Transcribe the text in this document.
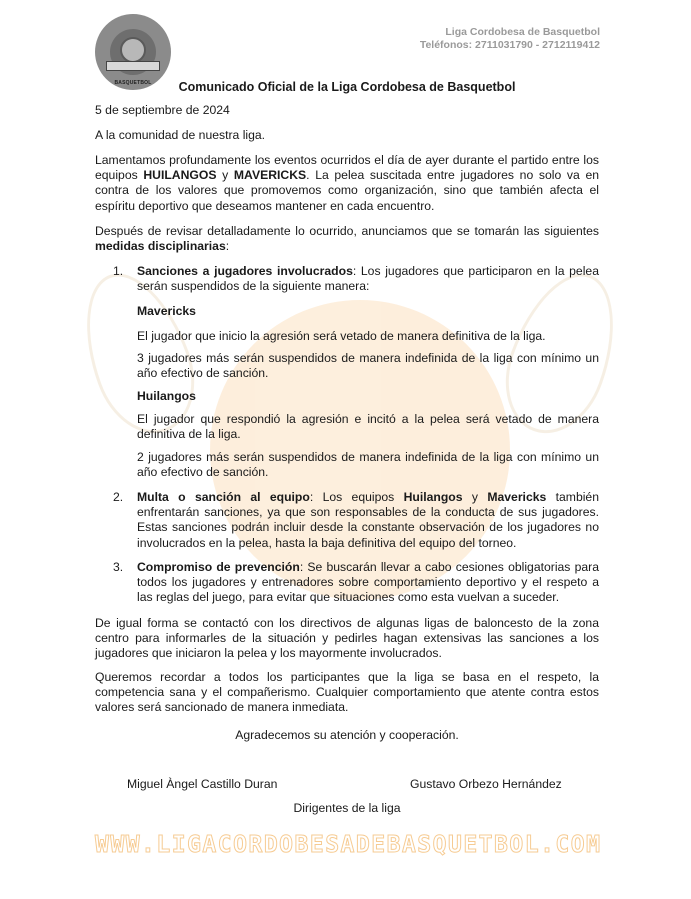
BASQUETBOL
Liga Cordobesa de Basquetbol
Teléfonos: 2711031790 - 2712119412
Comunicado Oficial de la Liga Cordobesa de Basquetbol

5 de septiembre de 2024

A la comunidad de nuestra liga.

Lamentamos profundamente los eventos ocurridos el día de ayer durante el partido entre los equipos HUILANGOS y MAVERICKS. La pelea suscitada entre jugadores no solo va en contra de los valores que promovemos como organización, sino que también afecta el espíritu deportivo que deseamos mantener en cada encuentro.

Después de revisar detalladamente lo ocurrido, anunciamos que se tomarán las siguientes medidas disciplinarias:

1. Sanciones a jugadores involucrados: Los jugadores que participaron en la pelea serán suspendidos de la siguiente manera:

Mavericks

El jugador que inicio la agresión será vetado de manera definitiva de la liga.

3 jugadores más serán suspendidos de manera indefinida de la liga con mínimo un año efectivo de sanción.

Huilangos

El jugador que respondió la agresión e incitó a la pelea será vetado de manera definitiva de la liga.

2 jugadores más serán suspendidos de manera indefinida de la liga con mínimo un año efectivo de sanción.

2. Multa o sanción al equipo: Los equipos Huilangos y Mavericks también enfrentarán sanciones, ya que son responsables de la conducta de sus jugadores. Estas sanciones podrán incluir desde la constante observación de los jugadores no involucrados en la pelea, hasta la baja definitiva del equipo del torneo.

3. Compromiso de prevención: Se buscarán llevar a cabo cesiones obligatorias para todos los jugadores y entrenadores sobre comportamiento deportivo y el respeto a las reglas del juego, para evitar que situaciones como esta vuelvan a suceder.

De igual forma se contactó con los directivos de algunas ligas de baloncesto de la zona centro para informarles de la situación y pedirles hagan extensivas las sanciones a los jugadores que iniciaron la pelea y los mayormente involucrados.

Queremos recordar a todos los participantes que la liga se basa en el respeto, la competencia sana y el compañerismo. Cualquier comportamiento que atente contra estos valores será sancionado de manera inmediata.

Agradecemos su atención y cooperación.

Miguel Àngel Castillo Duran	Gustavo Orbezo Hernández

Dirigentes de la liga

WWW.LIGACORDOBESADEBASQUETBOL.COM
